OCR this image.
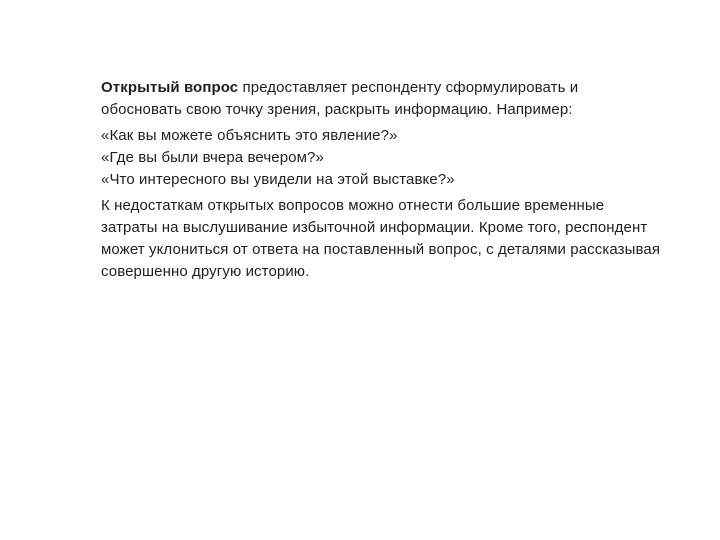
Открытый вопрос предоставляет респонденту сформулировать и обосновать свою точку зрения, раскрыть информацию. Например:

«Как вы можете объяснить это явление?»
«Где вы были вчера вечером?»
«Что интересного вы увидели на этой выставке?»

К недостаткам открытых вопросов можно отнести большие временные затраты на выслушивание избыточной информации. Кроме того, респондент может уклониться от ответа на поставленный вопрос, с деталями рассказывая совершенно другую историю.
